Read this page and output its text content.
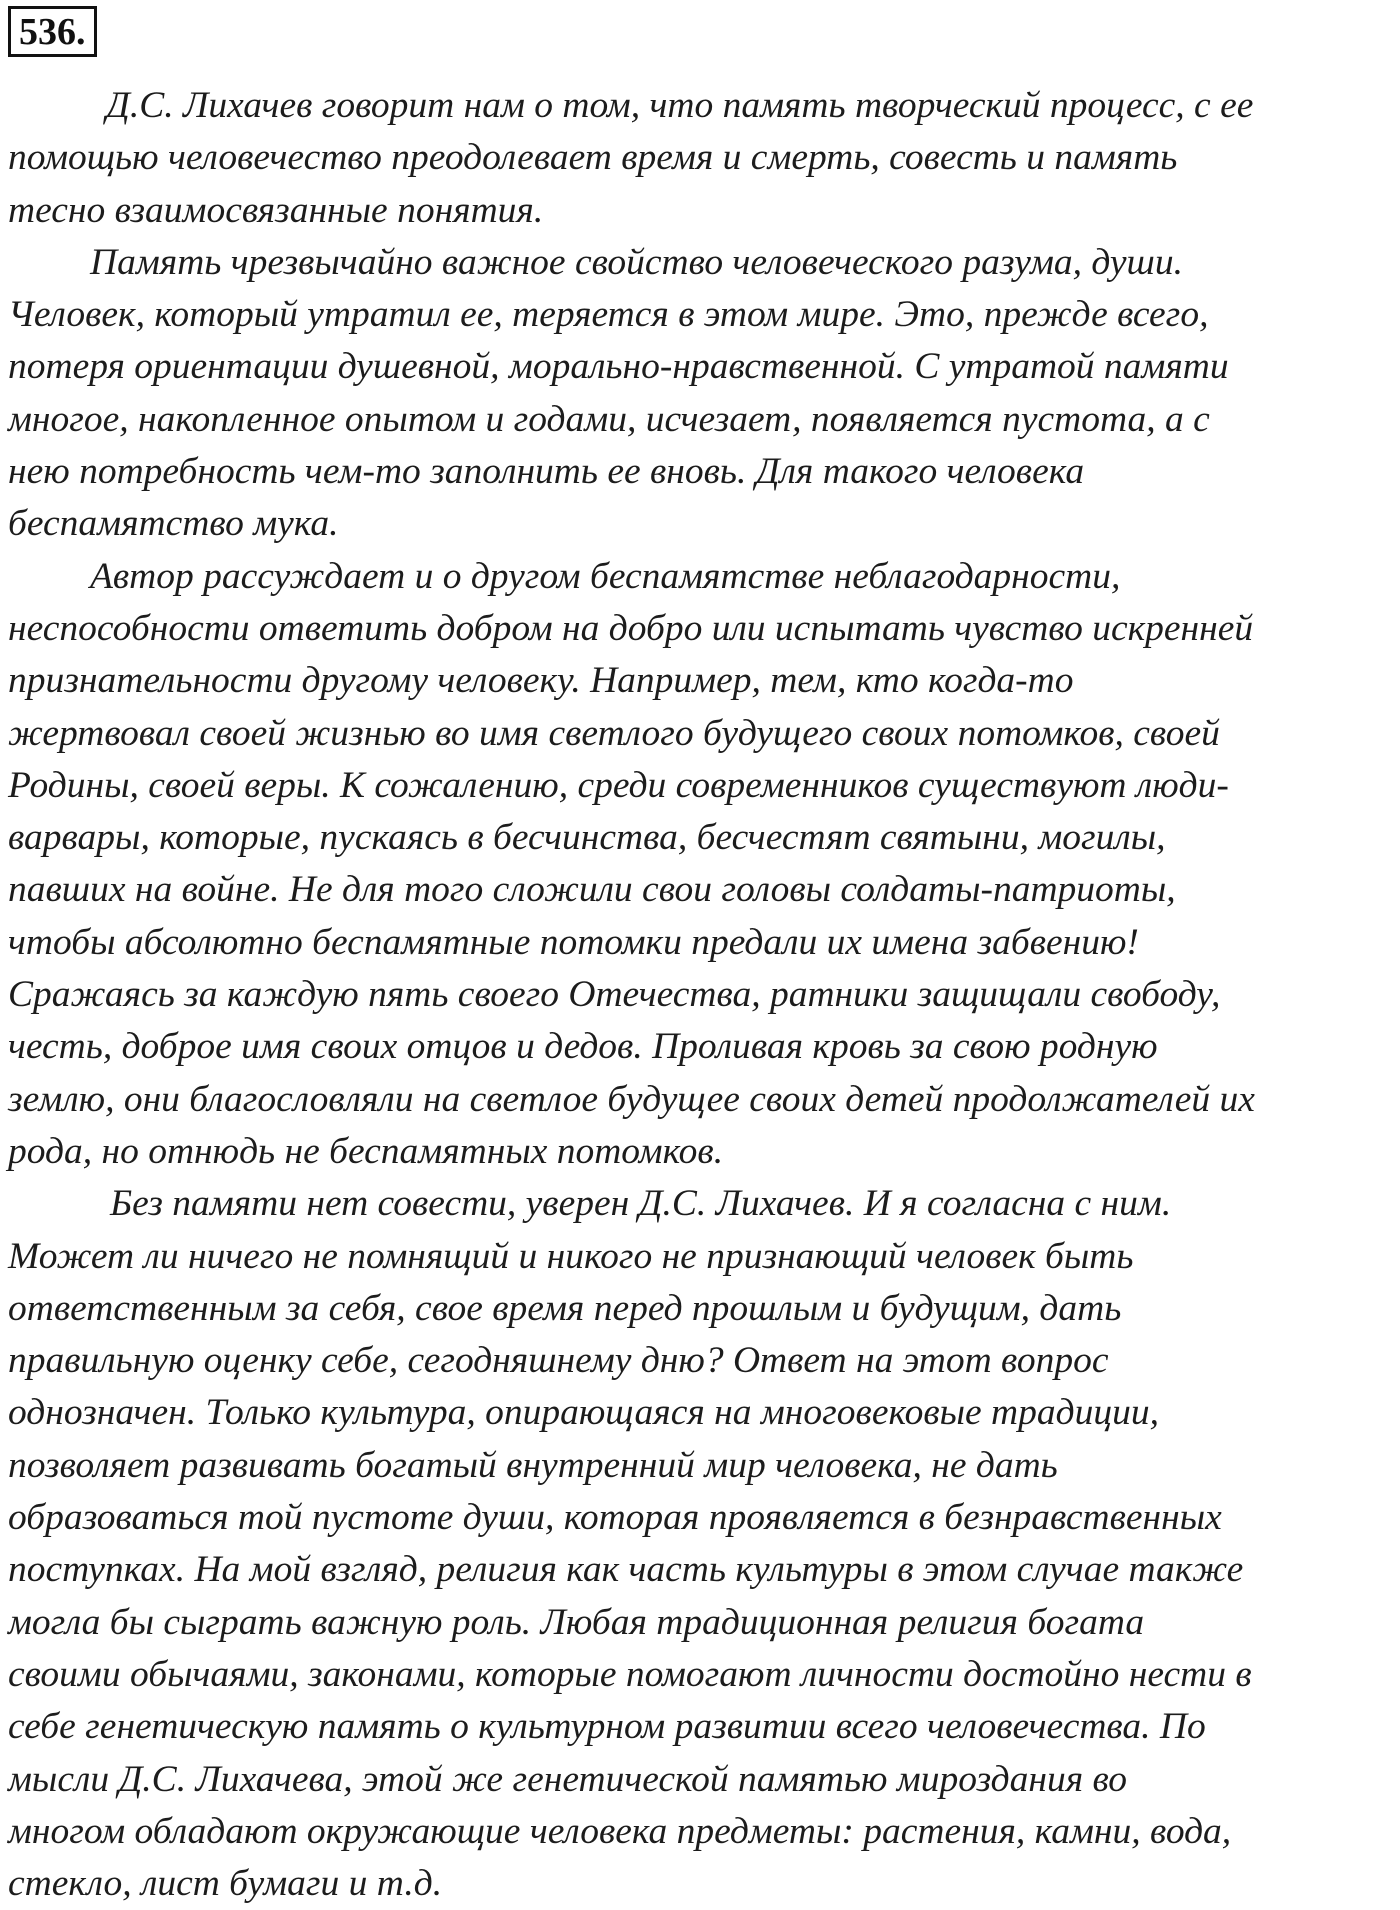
536.
Д.С. Лихачев говорит нам о том, что память творческий процесс, с ее
помощью человечество преодолевает время и смерть, совесть и память
тесно взаимосвязанные понятия.
Память чрезвычайно важное свойство человеческого разума, души.
Человек, который утратил ее, теряется в этом мире. Это, прежде всего,
потеря ориентации душевной, морально-нравственной. С утратой памяти
многое, накопленное опытом и годами, исчезает, появляется пустота, а с
нею потребность чем-то заполнить ее вновь. Для такого человека
беспамятство мука.
Автор рассуждает и о другом беспамятстве неблагодарности,
неспособности ответить добром на добро или испытать чувство искренней
признательности другому человеку. Например, тем, кто когда-то
жертвовал своей жизнью во имя светлого будущего своих потомков, своей
Родины, своей веры. К сожалению, среди современников существуют люди-
варвары, которые, пускаясь в бесчинства, бесчестят святыни, могилы,
павших на войне. Не для того сложили свои головы солдаты-патриоты,
чтобы абсолютно беспамятные потомки предали их имена забвению!
Сражаясь за каждую пять своего Отечества, ратники защищали свободу,
честь, доброе имя своих отцов и дедов. Проливая кровь за свою родную
землю, они благословляли на светлое будущее своих детей продолжателей их
рода, но отнюдь не беспамятных потомков.
Без памяти нет совести, уверен Д.С. Лихачев. И я согласна с ним.
Может ли ничего не помнящий и никого не признающий человек быть
ответственным за себя, свое время перед прошлым и будущим, дать
правильную оценку себе, сегодняшнему дню? Ответ на этот вопрос
однозначен. Только культура, опирающаяся на многовековые традиции,
позволяет развивать богатый внутренний мир человека, не дать
образоваться той пустоте души, которая проявляется в безнравственных
поступках. На мой взгляд, религия как часть культуры в этом случае также
могла бы сыграть важную роль. Любая традиционная религия богата
своими обычаями, законами, которые помогают личности достойно нести в
себе генетическую память о культурном развитии всего человечества. По
мысли Д.С. Лихачева, этой же генетической памятью мироздания во
многом обладают окружающие человека предметы: растения, камни, вода,
стекло, лист бумаги и т.д.
